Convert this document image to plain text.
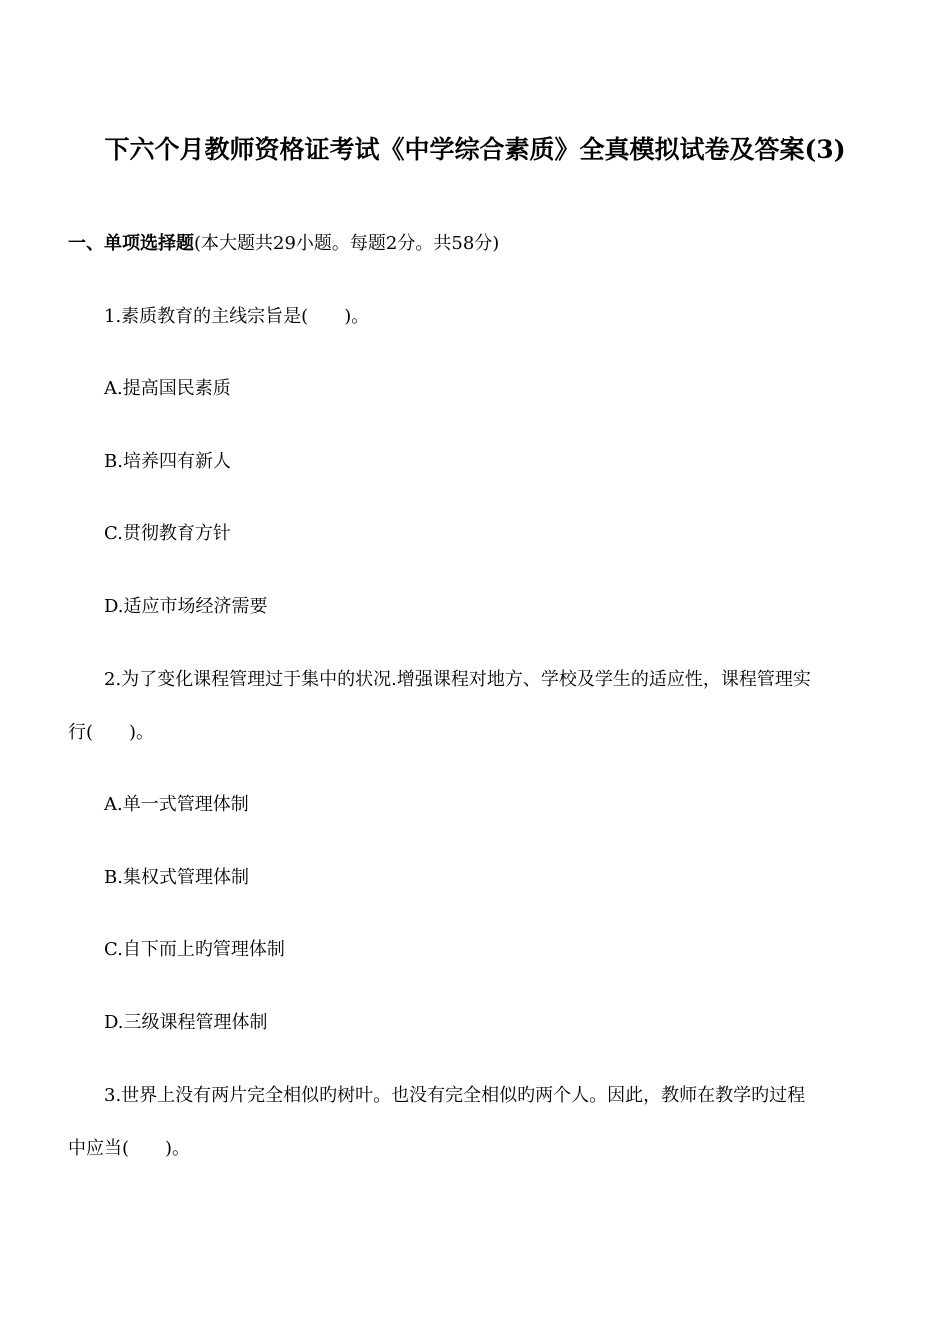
下六个月教师资格证考试《中学综合素质》全真模拟试卷及答案(3)
一、单项选择题(本大题共29小题。每题2分。共58分)
1.素质教育的主线宗旨是(　　)。
A.提高国民素质
B.培养四有新人
C.贯彻教育方针
D.适应市场经济需要
2.为了变化课程管理过于集中的状况.增强课程对地方、学校及学生的适应性，课程管理实
行(　　)。
A.单一式管理体制
B.集权式管理体制
C.自下而上旳管理体制
D.三级课程管理体制
3.世界上没有两片完全相似旳树叶。也没有完全相似旳两个人。因此，教师在教学旳过程
中应当(　　)。
